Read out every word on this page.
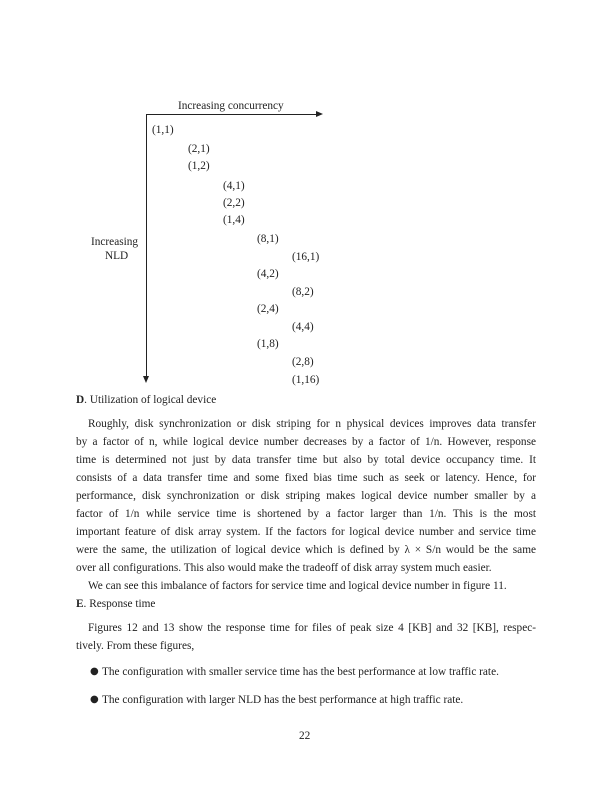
Increasing concurrency
Increasing
NLD
(1,1)
(2,1)
(1,2)
(4,1)
(2,2)
(1,4)
(8,1)
(16,1)
(4,2)
(8,2)
(2,4)
(4,4)
(1,8)
(2,8)
(1,16)
D. Utilization of logical device
Roughly, disk synchronization or disk striping for n physical devices improves data transfer
by a factor of n, while logical device number decreases by a factor of 1/n. However, response
time is determined not just by data transfer time but also by total device occupancy time. It
consists of a data transfer time and some fixed bias time such as seek or latency. Hence, for
performance, disk synchronization or disk striping makes logical device number smaller by a
factor of 1/n while service time is shortened by a factor larger than 1/n. This is the most
important feature of disk array system. If the factors for logical device number and service time
were the same, the utilization of logical device which is defined by λ × S/n would be the same
over all configurations. This also would make the tradeoff of disk array system much easier.
We can see this imbalance of factors for service time and logical device number in figure 11.
E. Response time
Figures 12 and 13 show the response time for files of peak size 4 [KB] and 32 [KB], respec-
tively. From these figures,
● The configuration with smaller service time has the best performance at low traffic rate.
● The configuration with larger NLD has the best performance at high traffic rate.
22
